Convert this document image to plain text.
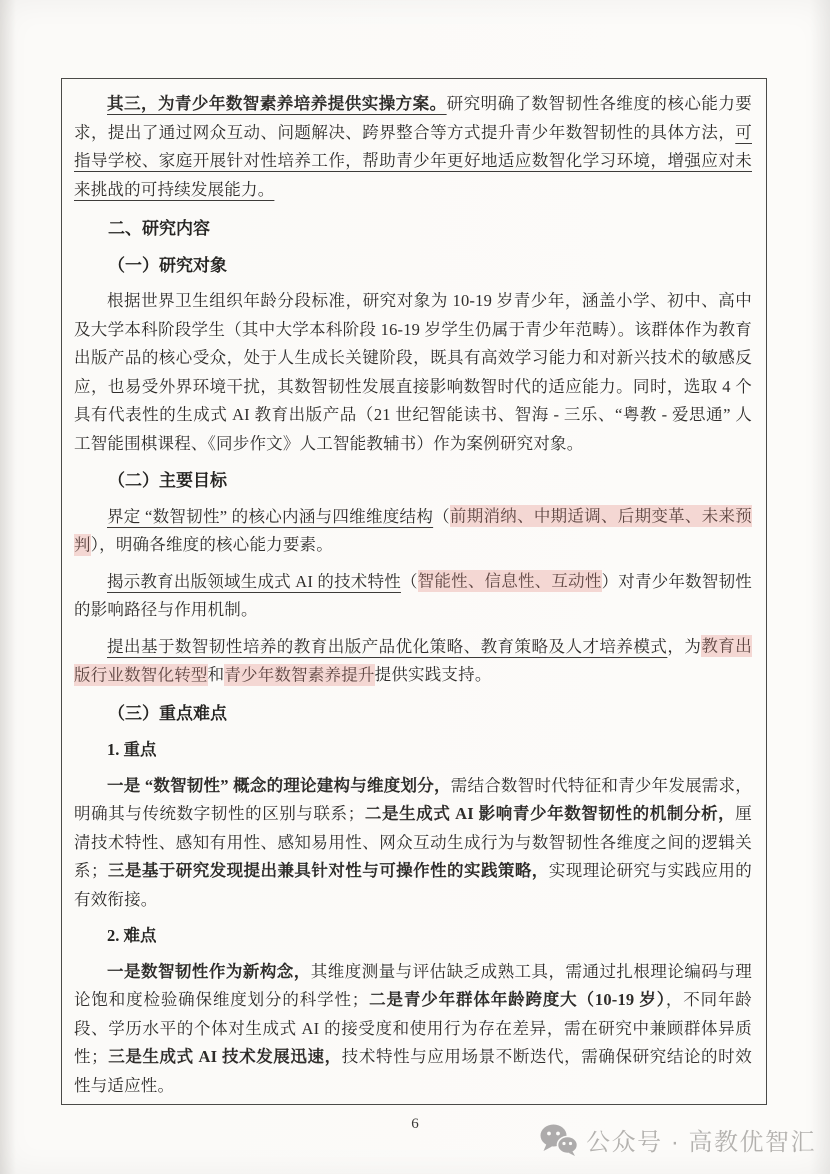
其三，为青少年数智素养培养提供实操方案。研究明确了数智韧性各维度的核心能力要求，提出了通过网众互动、问题解决、跨界整合等方式提升青少年数智韧性的具体方法，可指导学校、家庭开展针对性培养工作，帮助青少年更好地适应数智化学习环境，增强应对未来挑战的可持续发展能力。

二、研究内容
（一）研究对象

根据世界卫生组织年龄分段标准，研究对象为 10-19 岁青少年，涵盖小学、初中、高中及大学本科阶段学生（其中大学本科阶段 16-19 岁学生仍属于青少年范畴）。该群体作为教育出版产品的核心受众，处于人生成长关键阶段，既具有高效学习能力和对新兴技术的敏感反应，也易受外界环境干扰，其数智韧性发展直接影响数智时代的适应能力。同时，选取 4 个具有代表性的生成式 AI 教育出版产品（21 世纪智能读书、智海 - 三乐、“粤教 - 爱思通” 人工智能围棋课程、《同步作文》人工智能教辅书）作为案例研究对象。

（二）主要目标

界定 “数智韧性” 的核心内涵与四维维度结构（前期消纳、中期适调、后期变革、未来预判），明确各维度的核心能力要素。

揭示教育出版领域生成式 AI 的技术特性（智能性、信息性、互动性）对青少年数智韧性的影响路径与作用机制。

提出基于数智韧性培养的教育出版产品优化策略、教育策略及人才培养模式，为教育出版行业数智化转型和青少年数智素养提升提供实践支持。

（三）重点难点
1. 重点

一是 “数智韧性” 概念的理论建构与维度划分，需结合数智时代特征和青少年发展需求，明确其与传统数字韧性的区别与联系；二是生成式 AI 影响青少年数智韧性的机制分析，厘清技术特性、感知有用性、感知易用性、网众互动生成行为与数智韧性各维度之间的逻辑关系；三是基于研究发现提出兼具针对性与可操作性的实践策略，实现理论研究与实践应用的有效衔接。

2. 难点

一是数智韧性作为新构念，其维度测量与评估缺乏成熟工具，需通过扎根理论编码与理论饱和度检验确保维度划分的科学性；二是青少年群体年龄跨度大（10-19 岁），不同年龄段、学历水平的个体对生成式 AI 的接受度和使用行为存在差异，需在研究中兼顾群体异质性；三是生成式 AI 技术发展迅速，技术特性与应用场景不断迭代，需确保研究结论的时效性与适应性。

6
公众号 · 高教优智汇
